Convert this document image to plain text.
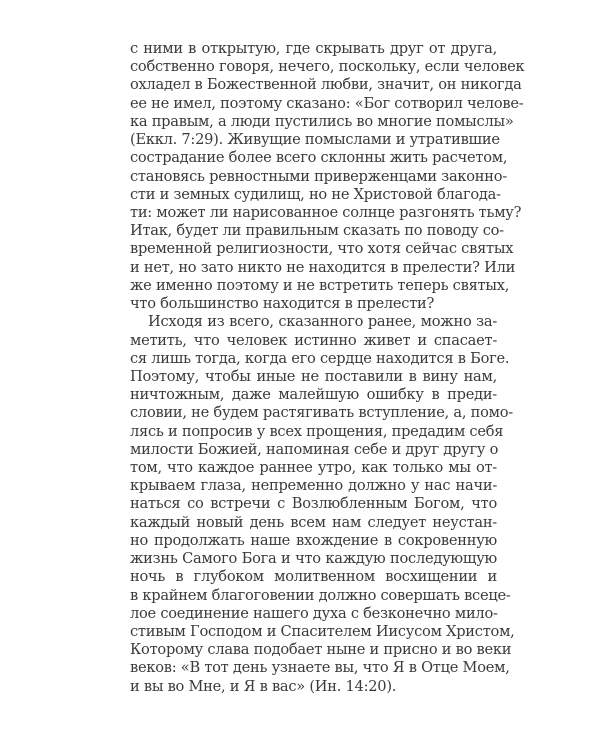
с ними в открытую, где скрывать друг от друга,
собственно говоря, нечего, поскольку, если человек
охладел в Божественной любви, значит, он никогда
ее не имел, поэтому сказано: «Бог сотворил челове-
ка правым, а люди пустились во многие помыслы»
(Еккл. 7:29). Живущие помыслами и утратившие
сострадание более всего склонны жить расчетом,
становясь ревностными приверженцами законно-
сти и земных судилищ, но не Христовой благода-
ти: может ли нарисованное солнце разгонять тьму?
Итак, будет ли правильным сказать по поводу со-
временной религиозности, что хотя сейчас святых
и нет, но зато никто не находится в прелести? Или
же именно поэтому и не встретить теперь святых,
что большинство находится в прелести?
Исходя из всего, сказанного ранее, можно за-
метить, что человек истинно живет и спасает-
ся лишь тогда, когда его сердце находится в Боге.
Поэтому, чтобы иные не поставили в вину нам,
ничтожным, даже малейшую ошибку в преди-
словии, не будем растягивать вступление, а, помо-
лясь и попросив у всех прощения, предадим себя
милости Божией, напоминая себе и друг другу о
том, что каждое раннее утро, как только мы от-
крываем глаза, непременно должно у нас начи-
наться со встречи с Возлюбленным Богом, что
каждый новый день всем нам следует неустан-
но продолжать наше вхождение в сокровенную
жизнь Самого Бога и что каждую последующую
ночь в глубоком молитвенном восхищении и
в крайнем благоговении должно совершать всеце-
лое соединение нашего духа с безконечно мило-
стивым Господом и Спасителем Иисусом Христом,
Которому слава подобает ныне и присно и во веки
веков: «В тот день узнаете вы, что Я в Отце Моем,
и вы во Мне, и Я в вас» (Ин. 14:20).
